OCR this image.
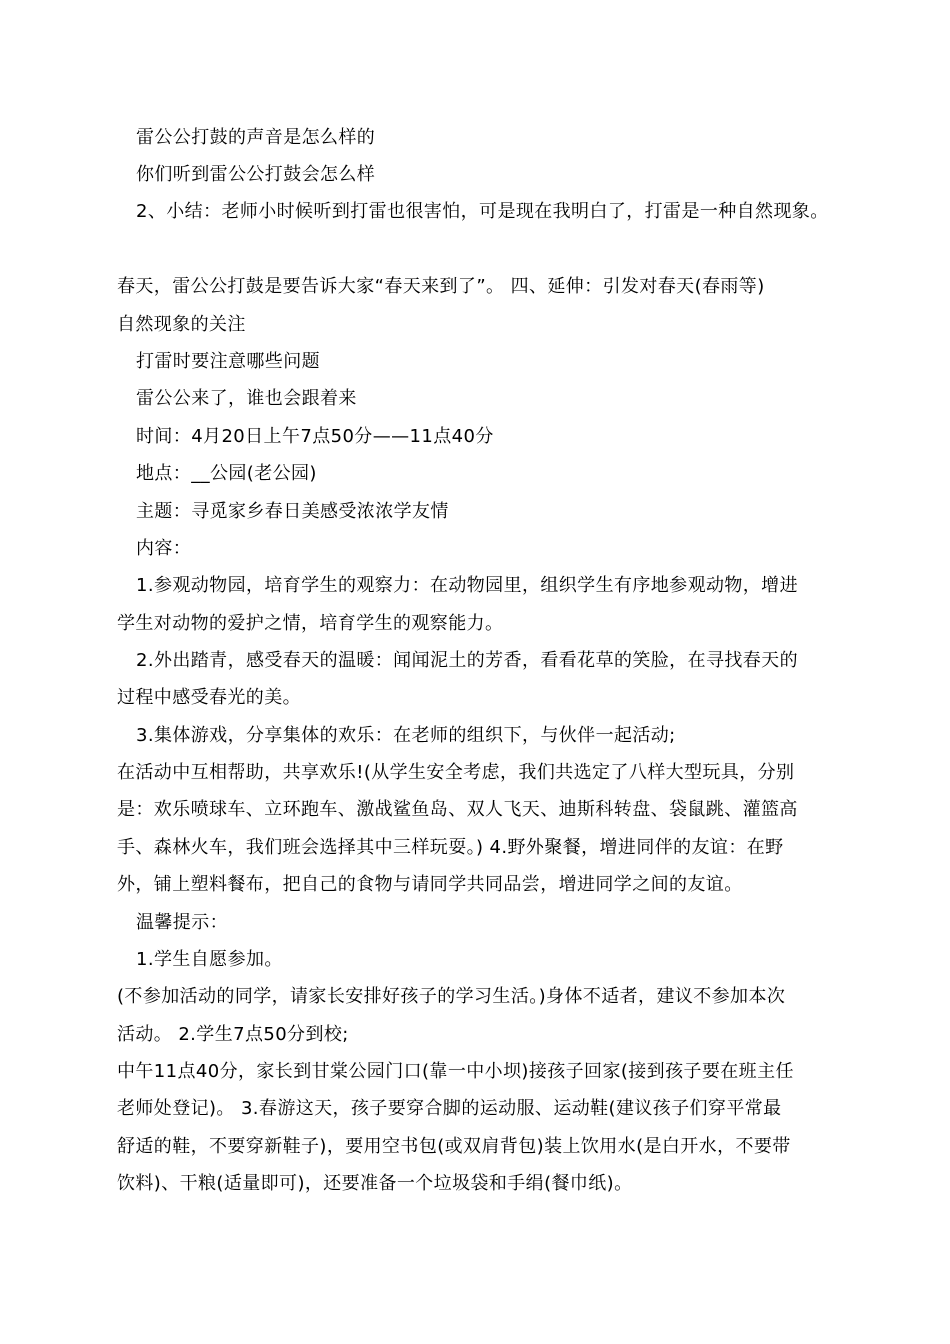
雷公公打鼓的声音是怎么样的
你们听到雷公公打鼓会怎么样
2、小结：老师小时候听到打雷也很害怕，可是现在我明白了，打雷是一种自然现象。
春天，雷公公打鼓是要告诉大家“春天来到了”。 四、延伸：引发对春天(春雨等)
自然现象的关注
打雷时要注意哪些问题
雷公公来了，谁也会跟着来
时间：4月20日上午7点50分——11点40分
地点：__公园(老公园)
主题：寻觅家乡春日美感受浓浓学友情
内容：
1.参观动物园，培育学生的观察力：在动物园里，组织学生有序地参观动物，增进
学生对动物的爱护之情，培育学生的观察能力。
2.外出踏青，感受春天的温暖：闻闻泥土的芳香，看看花草的笑脸，在寻找春天的
过程中感受春光的美。
3.集体游戏，分享集体的欢乐：在老师的组织下，与伙伴一起活动;
在活动中互相帮助，共享欢乐!(从学生安全考虑，我们共选定了八样大型玩具，分别
是：欢乐喷球车、立环跑车、激战鲨鱼岛、双人飞天、迪斯科转盘、袋鼠跳、灌篮高
手、森林火车，我们班会选择其中三样玩耍。) 4.野外聚餐，增进同伴的友谊：在野
外，铺上塑料餐布，把自己的食物与请同学共同品尝，增进同学之间的友谊。
温馨提示：
1.学生自愿参加。
(不参加活动的同学，请家长安排好孩子的学习生活。)身体不适者，建议不参加本次
活动。 2.学生7点50分到校;
中午11点40分，家长到甘棠公园门口(靠一中小坝)接孩子回家(接到孩子要在班主任
老师处登记)。 3.春游这天，孩子要穿合脚的运动服、运动鞋(建议孩子们穿平常最
舒适的鞋，不要穿新鞋子)，要用空书包(或双肩背包)装上饮用水(是白开水，不要带
饮料)、干粮(适量即可)，还要准备一个垃圾袋和手绢(餐巾纸)。
